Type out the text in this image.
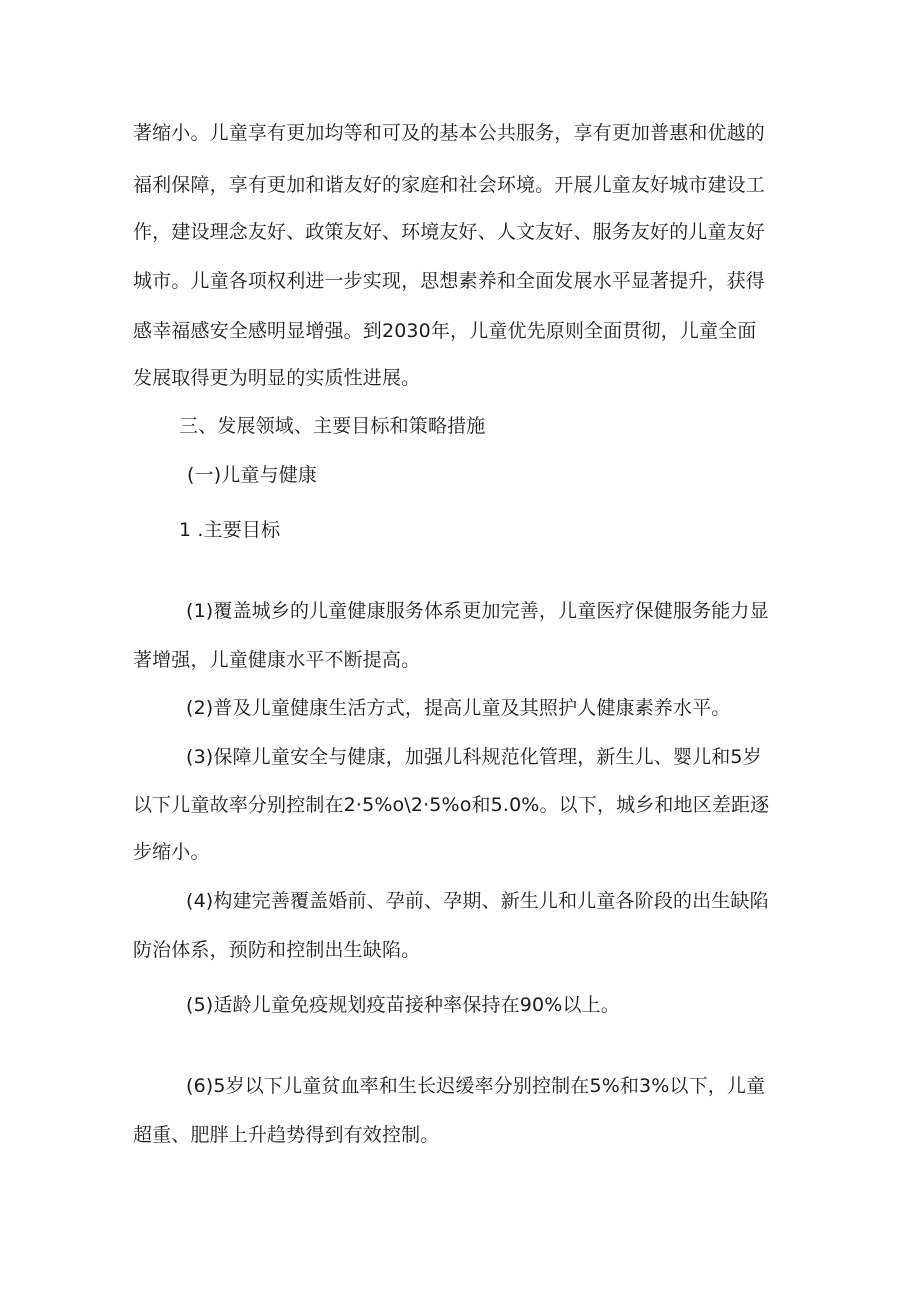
著缩小。儿童享有更加均等和可及的基本公共服务，享有更加普惠和优越的
福利保障，享有更加和谐友好的家庭和社会环境。开展儿童友好城市建设工
作，建设理念友好、政策友好、环境友好、人文友好、服务友好的儿童友好
城市。儿童各项权利进一步实现，思想素养和全面发展水平显著提升，获得
感幸福感安全感明显增强。到2030年，儿童优先原则全面贯彻，儿童全面
发展取得更为明显的实质性进展。
三、发展领域、主要目标和策略措施
(一)儿童与健康
1 .主要目标
(1)覆盖城乡的儿童健康服务体系更加完善，儿童医疗保健服务能力显
著增强，儿童健康水平不断提高。
(2)普及儿童健康生活方式，提高儿童及其照护人健康素养水平。
(3)保障儿童安全与健康，加强儿科规范化管理，新生儿、婴儿和5岁
以下儿童故率分别控制在2·5%o\2·5%o和5.0%。以下，城乡和地区差距逐
步缩小。
(4)构建完善覆盖婚前、孕前、孕期、新生儿和儿童各阶段的出生缺陷
防治体系，预防和控制出生缺陷。
(5)适龄儿童免疫规划疫苗接种率保持在90%以上。
(6)5岁以下儿童贫血率和生长迟缓率分别控制在5%和3%以下，儿童
超重、肥胖上升趋势得到有效控制。
